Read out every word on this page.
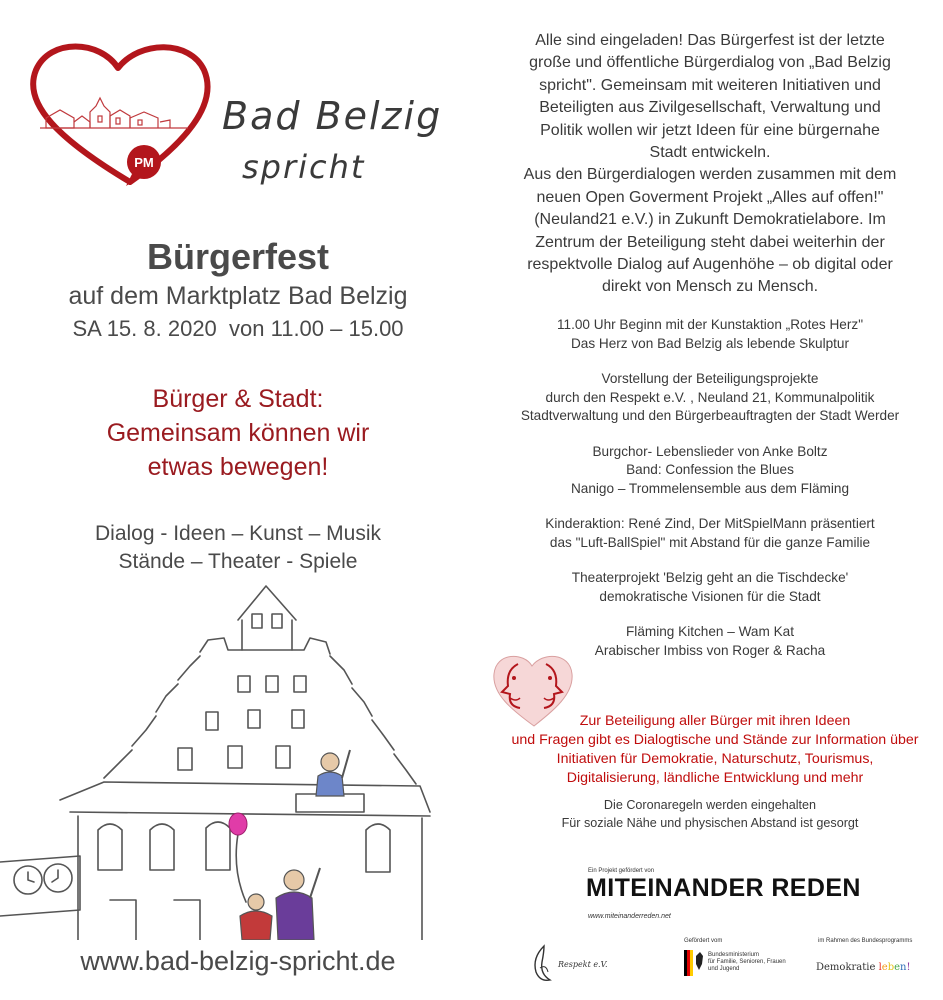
PM
Bad Belzig
spricht
Bürgerfest
auf dem Marktplatz Bad Belzig
SA 15. 8. 2020  von 11.00 – 15.00
Bürger & Stadt:
Gemeinsam können wir
etwas bewegen!
Dialog - Ideen – Kunst – Musik
Stände – Theater - Spiele
www.bad-belzig-spricht.de
Alle sind eingeladen! Das Bürgerfest ist der letzte
große und öffentliche Bürgerdialog von „Bad Belzig
spricht". Gemeinsam mit weiteren Initiativen und
Beteiligten aus Zivilgesellschaft, Verwaltung und
Politik wollen wir jetzt Ideen für eine bürgernahe
Stadt entwickeln.
Aus den Bürgerdialogen werden zusammen mit dem
neuen Open Goverment Projekt „Alles auf offen!"
(Neuland21 e.V.) in Zukunft Demokratielabore. Im
Zentrum der Beteiligung steht dabei weiterhin der
respektvolle Dialog auf Augenhöhe – ob digital oder
direkt von Mensch zu Mensch.
11.00 Uhr Beginn mit der Kunstaktion „Rotes Herz"
Das Herz von Bad Belzig als lebende Skulptur
Vorstellung der Beteiligungsprojekte
durch den Respekt e.V. , Neuland 21, Kommunalpolitik
Stadtverwaltung und den Bürgerbeauftragten der Stadt Werder
Burgchor- Lebenslieder von Anke Boltz
Band: Confession the Blues
Nanigo – Trommelensemble aus dem Fläming
Kinderaktion: René Zind, Der MitSpielMann präsentiert
das "Luft-BallSpiel" mit Abstand für die ganze Familie
Theaterprojekt 'Belzig geht an die Tischdecke'
demokratische Visionen für die Stadt
Fläming Kitchen – Wam Kat
Arabischer Imbiss von Roger & Racha
Zur Beteiligung aller Bürger mit ihren Ideen
und Fragen gibt es Dialogtische und Stände zur Information über
Initiativen für Demokratie, Naturschutz, Tourismus,
Digitalisierung, ländliche Entwicklung und mehr
Die Coronaregeln werden eingehalten
Für soziale Nähe und physischen Abstand ist gesorgt
Ein Projekt gefördert von
MITEINANDER REDEN
www.miteinanderreden.net
Respekt e.V.
Gefördert vom
Bundesministerium
für Familie, Senioren, Frauen
und Jugend
im Rahmen des Bundesprogramms
Demokratie leben!
